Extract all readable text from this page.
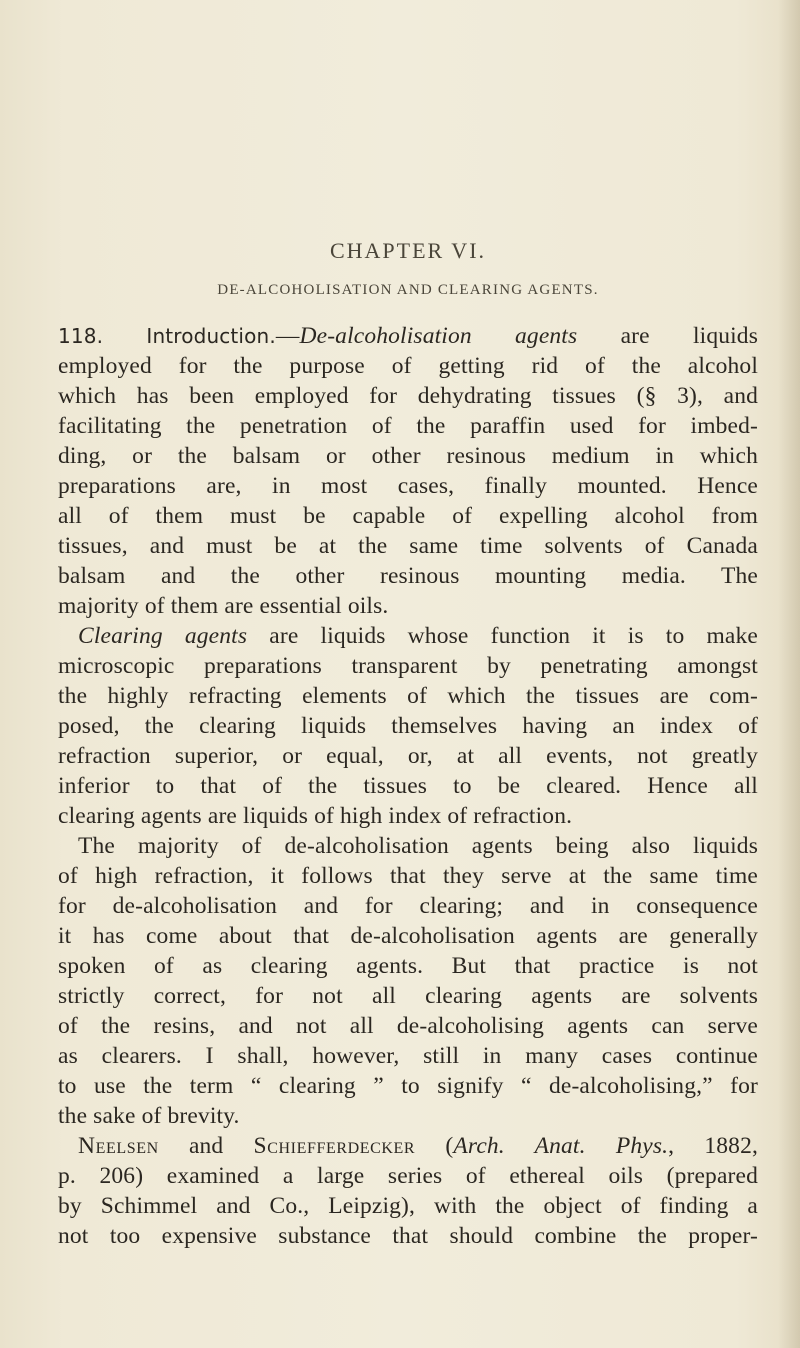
CHAPTER VI.
DE-ALCOHOLISATION AND CLEARING AGENTS.
118. Introduction.—De-alcoholisation agents are liquids
employed for the purpose of getting rid of the alcohol
which has been employed for dehydrating tissues (§ 3), and
facilitating the penetration of the paraffin used for imbed-
ding, or the balsam or other resinous medium in which
preparations are, in most cases, finally mounted. Hence
all of them must be capable of expelling alcohol from
tissues, and must be at the same time solvents of Canada
balsam and the other resinous mounting media. The
majority of them are essential oils.
Clearing agents are liquids whose function it is to make
microscopic preparations transparent by penetrating amongst
the highly refracting elements of which the tissues are com-
posed, the clearing liquids themselves having an index of
refraction superior, or equal, or, at all events, not greatly
inferior to that of the tissues to be cleared. Hence all
clearing agents are liquids of high index of refraction.
The majority of de-alcoholisation agents being also liquids
of high refraction, it follows that they serve at the same time
for de-alcoholisation and for clearing; and in consequence
it has come about that de-alcoholisation agents are generally
spoken of as clearing agents. But that practice is not
strictly correct, for not all clearing agents are solvents
of the resins, and not all de-alcoholising agents can serve
as clearers. I shall, however, still in many cases continue
to use the term “ clearing ” to signify “ de-alcoholising,” for
the sake of brevity.
Neelsen and Schiefferdecker (Arch. Anat. Phys., 1882,
p. 206) examined a large series of ethereal oils (prepared
by Schimmel and Co., Leipzig), with the object of finding a
not too expensive substance that should combine the proper-
